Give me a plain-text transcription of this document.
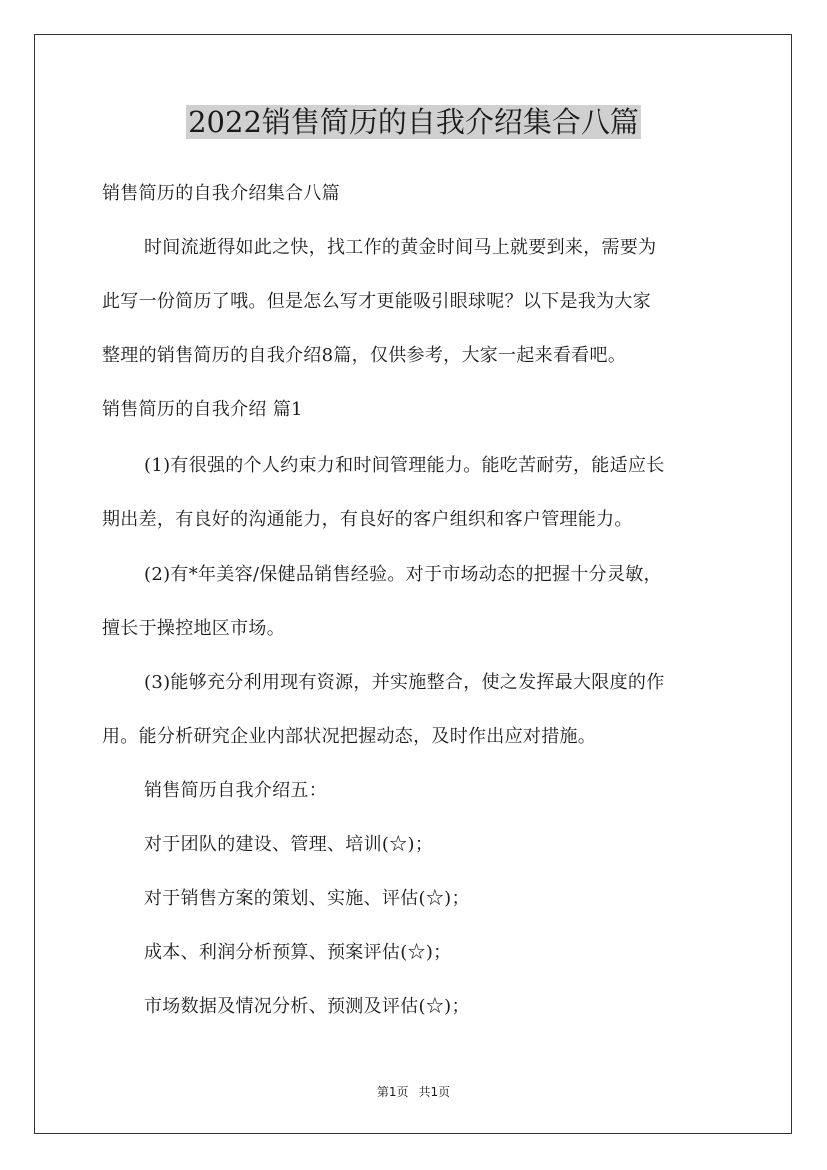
2022销售简历的自我介绍集合八篇
销售简历的自我介绍集合八篇
时间流逝得如此之快，找工作的黄金时间马上就要到来，需要为
此写一份简历了哦。但是怎么写才更能吸引眼球呢？以下是我为大家
整理的销售简历的自我介绍8篇，仅供参考，大家一起来看看吧。
销售简历的自我介绍 篇1
(1)有很强的个人约束力和时间管理能力。能吃苦耐劳，能适应长
期出差，有良好的沟通能力，有良好的客户组织和客户管理能力。
(2)有*年美容/保健品销售经验。对于市场动态的把握十分灵敏，
擅长于操控地区市场。
(3)能够充分利用现有资源，并实施整合，使之发挥最大限度的作
用。能分析研究企业内部状况把握动态，及时作出应对措施。
销售简历自我介绍五：
对于团队的建设、管理、培训(☆)；
对于销售方案的策划、实施、评估(☆)；
成本、利润分析预算、预案评估(☆)；
市场数据及情况分析、预测及评估(☆)；
第1页 共1页
